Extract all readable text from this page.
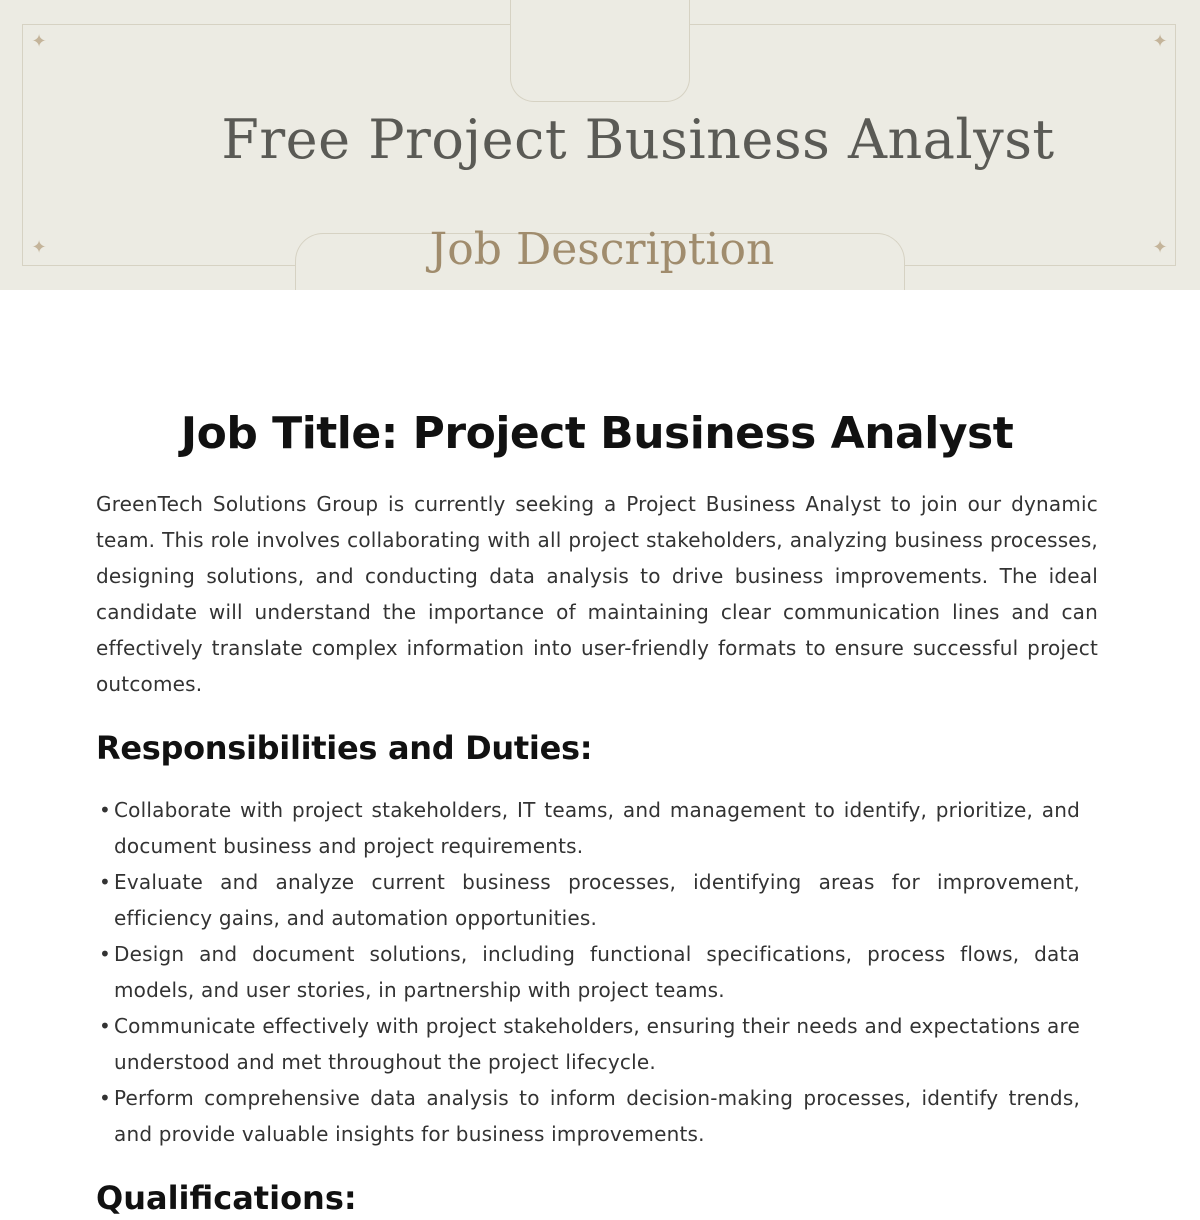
✦	✦
✦	✦
Free Project Business Analyst
Job Description
Job Title: Project Business Analyst

GreenTech Solutions Group is currently seeking a Project Business Analyst to join our dynamic team. This role involves collaborating with all project stakeholders, analyzing business processes, designing solutions, and conducting data analysis to drive business improvements. The ideal candidate will understand the importance of maintaining clear communication lines and can effectively translate complex information into user-friendly formats to ensure successful project outcomes.

Responsibilities and Duties:
• Collaborate with project stakeholders, IT teams, and management to identify, prioritize, and document business and project requirements.
• Evaluate and analyze current business processes, identifying areas for improvement, efficiency gains, and automation opportunities.
• Design and document solutions, including functional specifications, process flows, data models, and user stories, in partnership with project teams.
• Communicate effectively with project stakeholders, ensuring their needs and expectations are understood and met throughout the project lifecycle.
• Perform comprehensive data analysis to inform decision-making processes, identify trends, and provide valuable insights for business improvements.
Qualifications:
